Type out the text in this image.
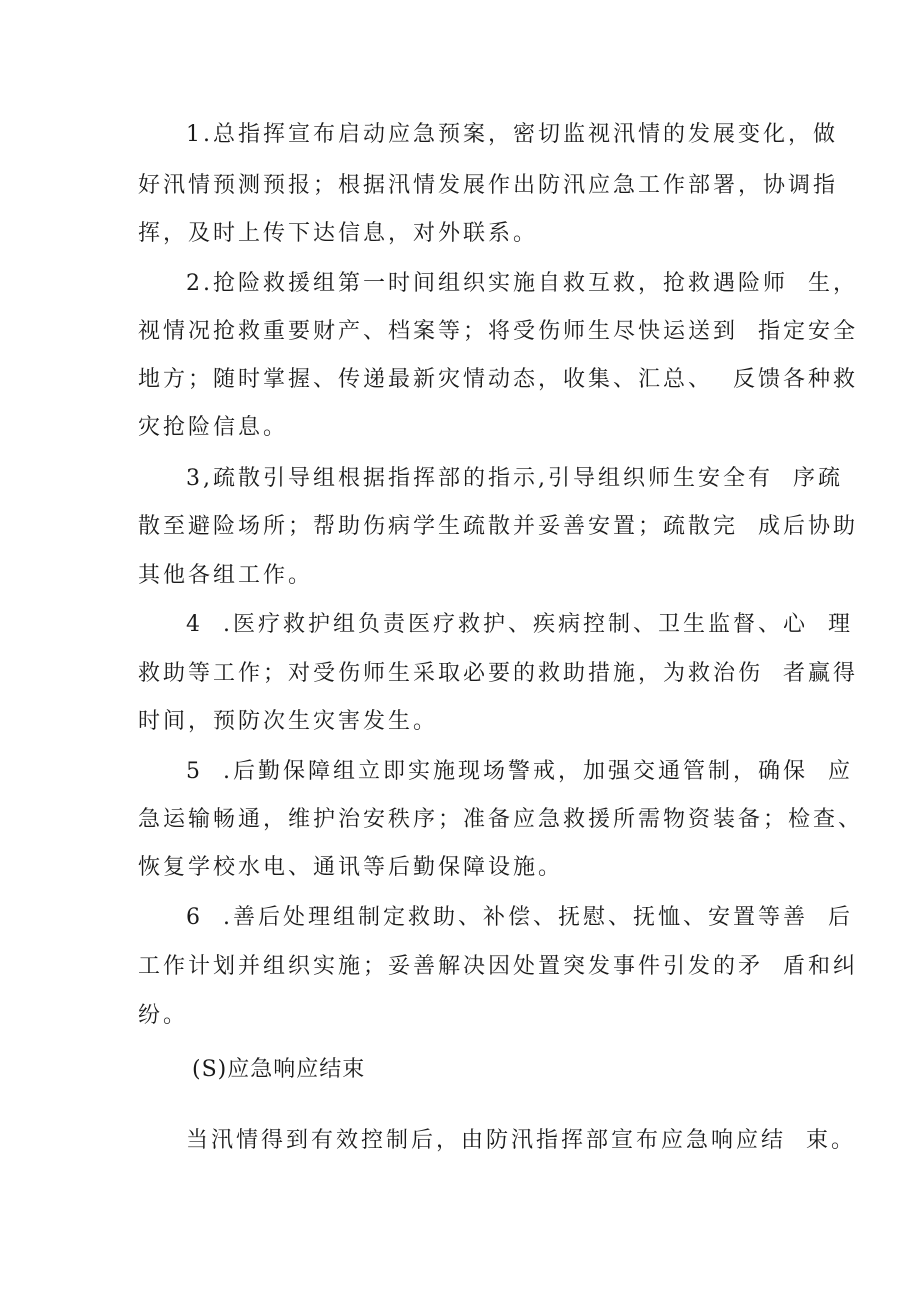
1.总指挥宣布启动应急预案，密切监视汛情的发展变化，做
好汛情预测预报；根据汛情发展作出防汛应急工作部署，协调指
挥，及时上传下达信息，对外联系。
2.抢险救援组第一时间组织实施自救互救，抢救遇险师  生，
视情况抢救重要财产、档案等；将受伤师生尽快运送到  指定安全
地方；随时掌握、传递最新灾情动态，收集、汇总、  反馈各种救
灾抢险信息。
3,疏散引导组根据指挥部的指示,引导组织师生安全有  序疏
散至避险场所；帮助伤病学生疏散并妥善安置；疏散完  成后协助
其他各组工作。
4  .医疗救护组负责医疗救护、疾病控制、卫生监督、心  理
救助等工作；对受伤师生采取必要的救助措施，为救治伤  者赢得
时间，预防次生灾害发生。
5  .后勤保障组立即实施现场警戒，加强交通管制，确保  应
急运输畅通，维护治安秩序；准备应急救援所需物资装备；检查、
恢复学校水电、通讯等后勤保障设施。
6  .善后处理组制定救助、补偿、抚慰、抚恤、安置等善  后
工作计划并组织实施；妥善解决因处置突发事件引发的矛  盾和纠
纷。
(S)应急响应结束
当汛情得到有效控制后，由防汛指挥部宣布应急响应结  束。
